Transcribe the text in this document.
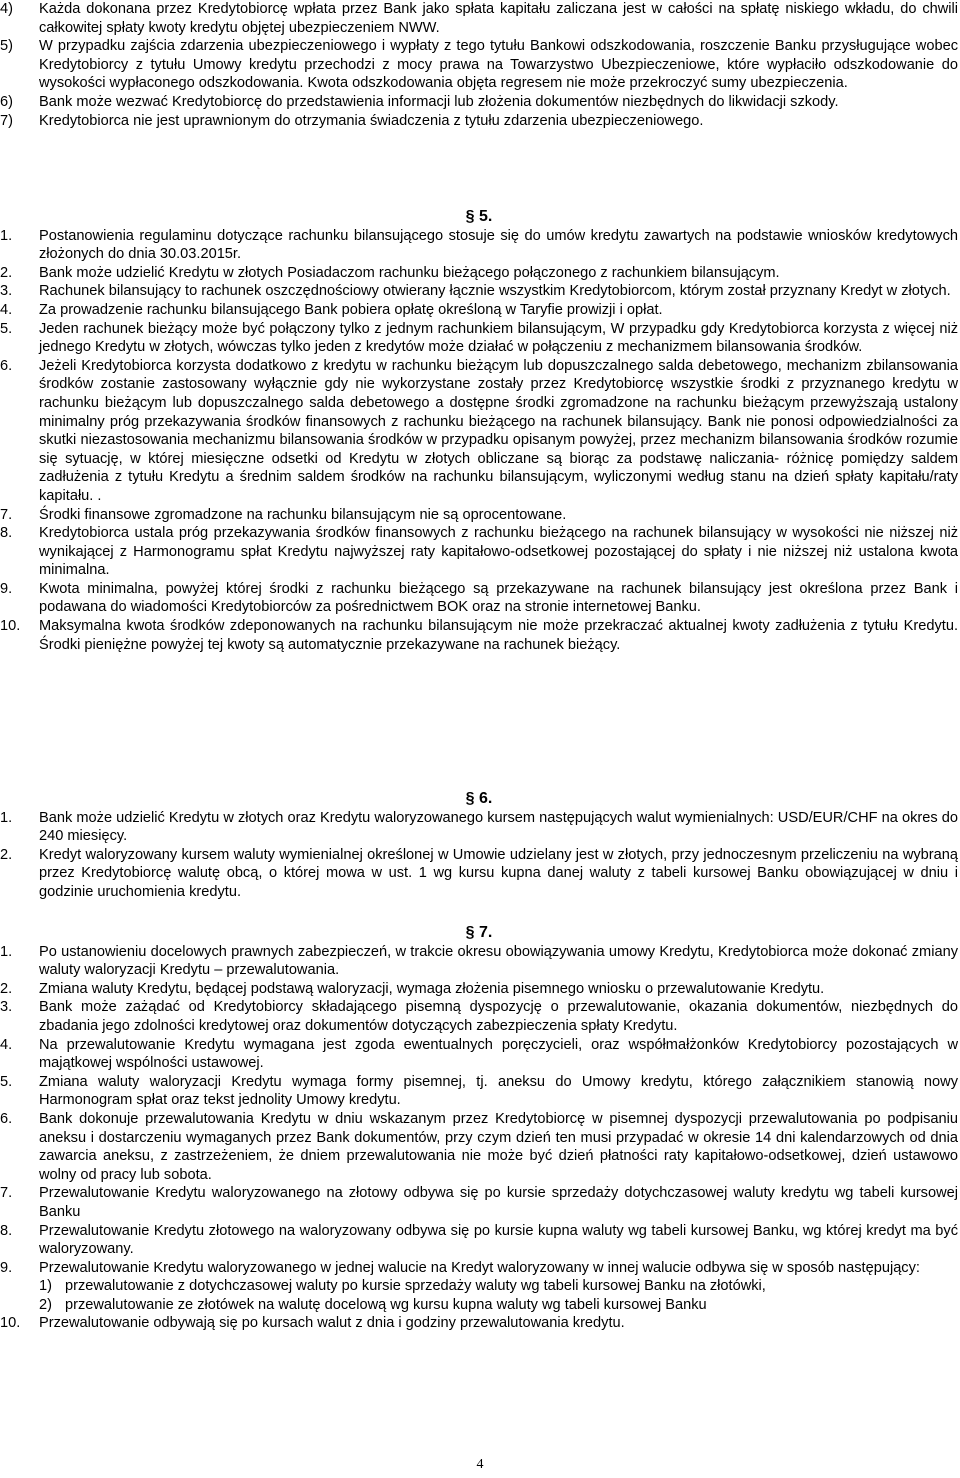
4)	Każda dokonana przez Kredytobiorcę wpłata przez Bank jako spłata kapitału zaliczana jest w całości na spłatę niskiego wkładu, do chwili całkowitej spłaty kwoty kredytu objętej ubezpieczeniem NWW.
5)	W przypadku zajścia zdarzenia ubezpieczeniowego i wypłaty z tego tytułu Bankowi odszkodowania, roszczenie Banku przysługujące wobec Kredytobiorcy z tytułu Umowy kredytu przechodzi z mocy prawa na Towarzystwo Ubezpieczeniowe, które wypłaciło odszkodowanie do wysokości wypłaconego odszkodowania. Kwota odszkodowania objęta regresem nie może przekroczyć sumy ubezpieczenia.
6)	Bank może wezwać Kredytobiorcę do przedstawienia informacji lub złożenia dokumentów niezbędnych do likwidacji szkody.
7)	Kredytobiorca nie jest uprawnionym do otrzymania świadczenia z tytułu zdarzenia ubezpieczeniowego.
§ 5.
1.	Postanowienia regulaminu dotyczące rachunku bilansującego stosuje się do umów kredytu zawartych na podstawie wniosków kredytowych złożonych do dnia 30.03.2015r.
2.	Bank może udzielić Kredytu w złotych Posiadaczom rachunku bieżącego połączonego z rachunkiem bilansującym.
3.	Rachunek bilansujący to rachunek oszczędnościowy otwierany łącznie wszystkim Kredytobiorcom, którym został przyznany Kredyt w złotych.
4.	Za prowadzenie rachunku bilansującego Bank pobiera opłatę określoną w Taryfie prowizji i opłat.
5.	Jeden rachunek bieżący może być połączony tylko z jednym rachunkiem bilansującym, W przypadku gdy Kredytobiorca korzysta z więcej niż jednego Kredytu w złotych, wówczas tylko jeden z kredytów może działać w połączeniu z mechanizmem bilansowania środków.
6.	Jeżeli Kredytobiorca korzysta dodatkowo z kredytu w rachunku bieżącym lub dopuszczalnego salda debetowego, mechanizm zbilansowania środków zostanie zastosowany wyłącznie gdy nie wykorzystane zostały przez Kredytobiorcę wszystkie środki z przyznanego kredytu w rachunku bieżącym lub dopuszczalnego salda debetowego a dostępne środki zgromadzone na rachunku bieżącym przewyższają ustalony minimalny próg przekazywania środków finansowych z rachunku bieżącego na rachunek bilansujący. Bank nie ponosi odpowiedzialności za skutki niezastosowania mechanizmu bilansowania środków w przypadku opisanym powyżej, przez mechanizm bilansowania środków rozumie się sytuację, w której miesięczne odsetki od Kredytu w złotych obliczane są biorąc za podstawę naliczania- różnicę pomiędzy saldem zadłużenia z tytułu Kredytu a średnim saldem środków na rachunku bilansującym, wyliczonymi według stanu na dzień spłaty kapitału/raty kapitału. .
7.	Środki finansowe zgromadzone na rachunku bilansującym nie są oprocentowane.
8.	Kredytobiorca ustala próg przekazywania środków finansowych z rachunku bieżącego na rachunek bilansujący w wysokości nie niższej niż wynikającej z Harmonogramu spłat Kredytu najwyższej raty kapitałowo-odsetkowej pozostającej do spłaty i nie niższej niż ustalona kwota minimalna.
9.	Kwota minimalna, powyżej której środki z rachunku bieżącego są przekazywane na rachunek bilansujący jest określona przez Bank i podawana do wiadomości Kredytobiorców za pośrednictwem BOK oraz na stronie internetowej Banku.
10.	Maksymalna kwota środków zdeponowanych na rachunku bilansującym nie może przekraczać aktualnej kwoty zadłużenia z tytułu Kredytu. Środki pieniężne powyżej tej kwoty są automatycznie przekazywane na rachunek bieżący.
§ 6.
1.	Bank może udzielić Kredytu w złotych oraz Kredytu waloryzowanego kursem następujących walut wymienialnych: USD/EUR/CHF na okres do 240 miesięcy.
2.	Kredyt waloryzowany kursem waluty wymienialnej określonej w Umowie udzielany jest w złotych, przy jednoczesnym przeliczeniu na wybraną przez Kredytobiorcę walutę obcą, o której mowa w ust. 1 wg kursu kupna danej waluty z tabeli kursowej Banku obowiązującej w dniu i godzinie uruchomienia kredytu.
§ 7.
1.	Po ustanowieniu docelowych prawnych zabezpieczeń, w trakcie okresu obowiązywania umowy Kredytu, Kredytobiorca może dokonać zmiany waluty waloryzacji Kredytu – przewalutowania.
2.	Zmiana waluty Kredytu, będącej podstawą waloryzacji, wymaga złożenia pisemnego wniosku o przewalutowanie Kredytu.
3.	Bank może zażądać od Kredytobiorcy składającego pisemną dyspozycję o przewalutowanie, okazania dokumentów, niezbędnych do zbadania jego zdolności kredytowej oraz dokumentów dotyczących zabezpieczenia spłaty Kredytu.
4.	Na przewalutowanie Kredytu wymagana jest zgoda ewentualnych poręczycieli, oraz współmałżonków Kredytobiorcy pozostających w majątkowej wspólności ustawowej.
5.	Zmiana waluty waloryzacji Kredytu wymaga formy pisemnej, tj. aneksu do Umowy kredytu, którego załącznikiem stanowią nowy Harmonogram spłat oraz tekst jednolity Umowy kredytu.
6.	Bank dokonuje przewalutowania Kredytu w dniu wskazanym przez Kredytobiorcę w pisemnej dyspozycji przewalutowania po podpisaniu aneksu i dostarczeniu wymaganych przez Bank dokumentów, przy czym dzień ten musi przypadać w okresie 14 dni kalendarzowych od dnia zawarcia aneksu, z zastrzeżeniem, że dniem przewalutowania nie może być dzień płatności raty kapitałowo-odsetkowej, dzień ustawowo wolny od pracy lub sobota.
7.	Przewalutowanie Kredytu waloryzowanego na złotowy odbywa się po kursie sprzedaży dotychczasowej waluty kredytu wg tabeli kursowej Banku
8.	Przewalutowanie Kredytu złotowego na waloryzowany odbywa się po kursie kupna waluty wg tabeli kursowej Banku, wg której kredyt ma być waloryzowany.
9.	Przewalutowanie Kredytu waloryzowanego w jednej walucie na Kredyt waloryzowany w innej walucie odbywa się w sposób następujący:
1) przewalutowanie z dotychczasowej waluty po kursie sprzedaży waluty wg tabeli kursowej Banku na złotówki,
2) przewalutowanie ze złotówek na walutę docelową wg kursu kupna waluty wg tabeli kursowej Banku
10.	Przewalutowanie odbywają się po kursach walut z dnia i godziny przewalutowania kredytu.
4
